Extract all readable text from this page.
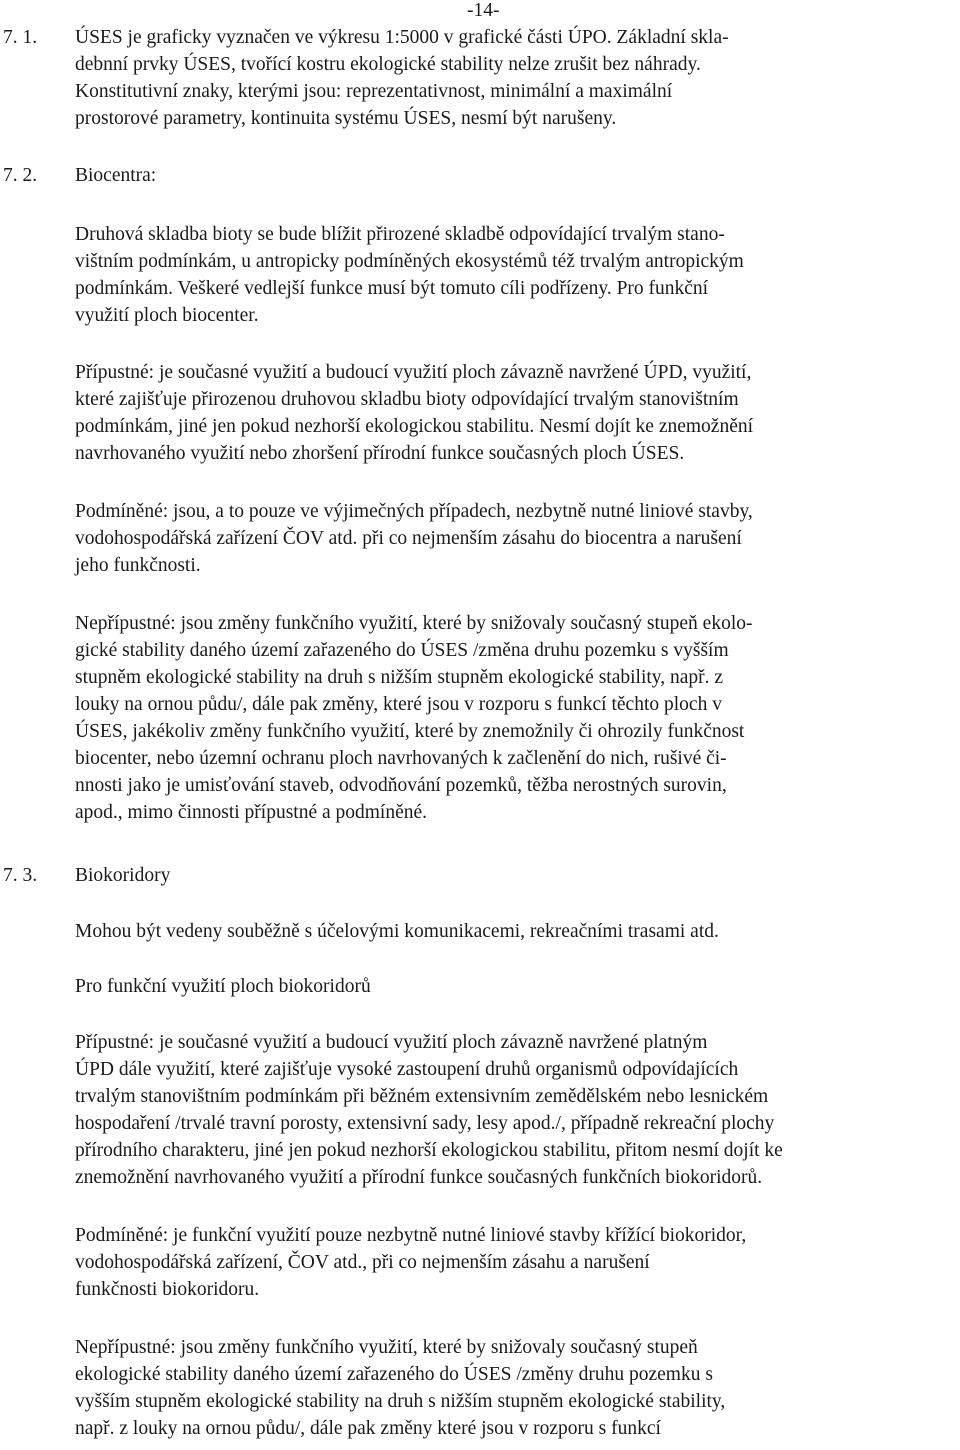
-14-
7. 1. ÚSES je graficky vyznačen ve výkresu 1:5000 v grafické části ÚPO. Základní skla-

debnní prvky ÚSES, tvořící kostru ekologické stability nelze zrušit bez náhrady.

Konstitutivní znaky, kterými jsou: reprezentativnost, minimální a maximální

prostorové parametry, kontinuita systému ÚSES, nesmí být narušeny.

7. 2. Biocentra:

Druhová skladba bioty se bude blížit přirozené skladbě odpovídající trvalým stano-

vištním podmínkám, u antropicky podmíněných ekosystémů též trvalým antropickým

podmínkám. Veškeré vedlejší funkce musí být tomuto cíli podřízeny. Pro funkční

využití ploch biocenter.

Přípustné: je současné využití a budoucí využití ploch závazně navržené ÚPD, využití,

které zajišťuje přirozenou druhovou skladbu bioty odpovídající trvalým stanovištním

podmínkám, jiné jen pokud nezhorší ekologickou stabilitu. Nesmí dojít ke znemožnění

navrhovaného využití nebo zhoršení přírodní funkce současných ploch ÚSES.

Podmíněné: jsou, a to pouze ve výjimečných případech, nezbytně nutné liniové stavby,

vodohospodářská zařízení ČOV atd. při co nejmenším zásahu do biocentra a narušení

jeho funkčnosti.

Nepřípustné: jsou změny funkčního využití, které by snižovaly současný stupeň ekolo-

gické stability daného území zařazeného do ÚSES /změna druhu pozemku s vyšším

stupněm ekologické stability na druh s nižším stupněm ekologické stability, např. z

louky na ornou půdu/, dále pak změny, které jsou v rozporu s funkcí těchto ploch v

ÚSES, jakékoliv změny funkčního využití, které by znemožnily či ohrozily funkčnost

biocenter, nebo územní ochranu ploch navrhovaných k začlenění do nich, rušivé či-

nnosti jako je umisťování staveb, odvodňování pozemků, těžba nerostných surovin,

apod., mimo činnosti přípustné a podmíněné.

7. 3. Biokoridory

Mohou být vedeny souběžně s účelovými komunikacemi, rekreačními trasami atd.

Pro funkční využití ploch biokoridorů

Přípustné: je současné využití a budoucí využití ploch závazně navržené platným

ÚPD dále využití, které zajišťuje vysoké zastoupení druhů organismů odpovídajících

trvalým stanovištním podmínkám při běžném extensivním zemědělském nebo lesnickém

hospodaření /trvalé travní porosty, extensivní sady, lesy apod./, případně rekreační plochy

přírodního charakteru, jiné jen pokud nezhorší ekologickou stabilitu, přitom nesmí dojít ke

znemožnění navrhovaného využití a přírodní funkce současných funkčních biokoridorů.

Podmíněné: je funkční využití pouze nezbytně nutné liniové stavby křížící biokoridor,

vodohospodářská zařízení, ČOV atd., při co nejmenším zásahu a narušení

funkčnosti biokoridoru.

Nepřípustné: jsou změny funkčního využití, které by snižovaly současný stupeň

ekologické stability daného území zařazeného do ÚSES /změny druhu pozemku s

vyšším stupněm ekologické stability na druh s nižším stupněm ekologické stability,

např. z louky na ornou půdu/, dále pak změny které jsou v rozporu s funkcí
